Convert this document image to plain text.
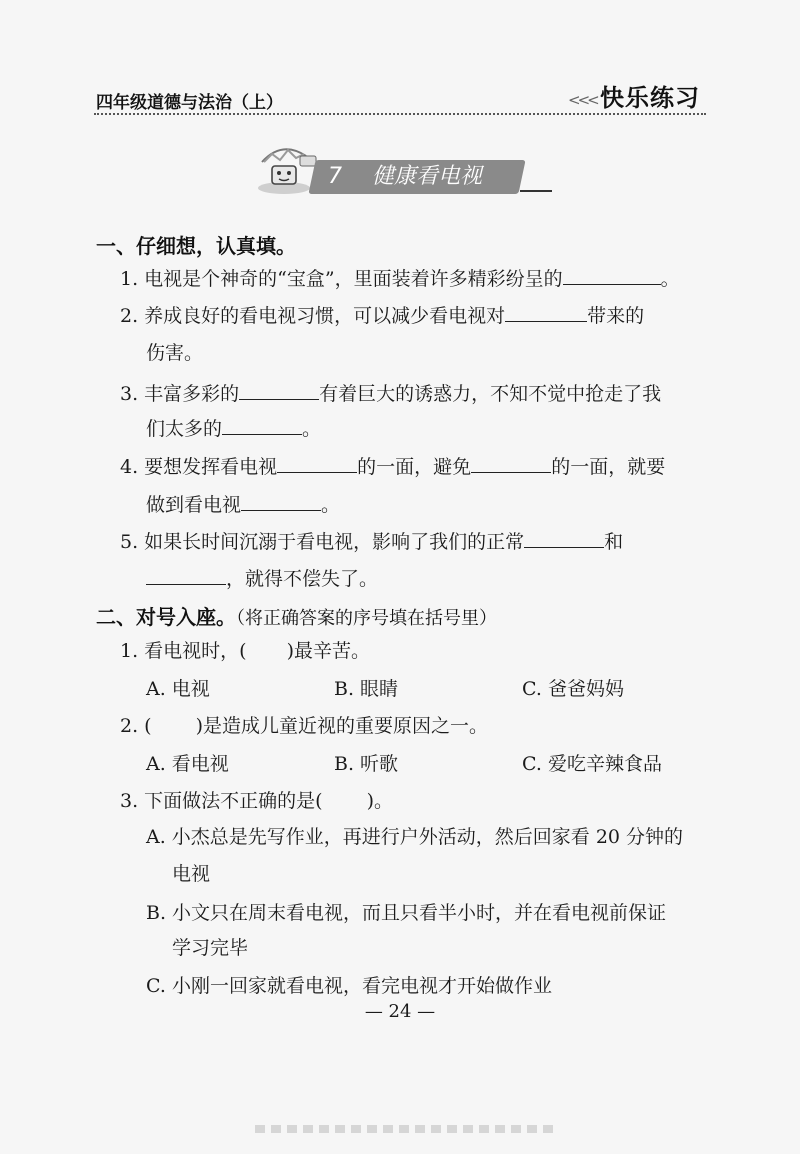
四年级道德与法治（上）	<<< 快乐练习
7 健康看电视
一、仔细想，认真填。
1. 电视是个神奇的“宝盒”，里面装着许多精彩纷呈的	。
2. 养成良好的看电视习惯，可以减少看电视对	带来的
伤害。
3. 丰富多彩的	有着巨大的诱惑力，不知不觉中抢走了我
们太多的	。
4. 要想发挥看电视	的一面，避免	的一面，就要
做到看电视	。
5. 如果长时间沉溺于看电视，影响了我们的正常	和
，就得不偿失了。
二、对号入座。（将正确答案的序号填在括号里）
1. 看电视时，( )最辛苦。
A. 电视	B. 眼睛	C. 爸爸妈妈
2. ( )是造成儿童近视的重要原因之一。
A. 看电视	B. 听歌	C. 爱吃辛辣食品
3. 下面做法不正确的是( )。
A. 小杰总是先写作业，再进行户外活动，然后回家看 20 分钟的
电视
B. 小文只在周末看电视，而且只看半小时，并在看电视前保证
学习完毕
C. 小刚一回家就看电视，看完电视才开始做作业
— 24 —
